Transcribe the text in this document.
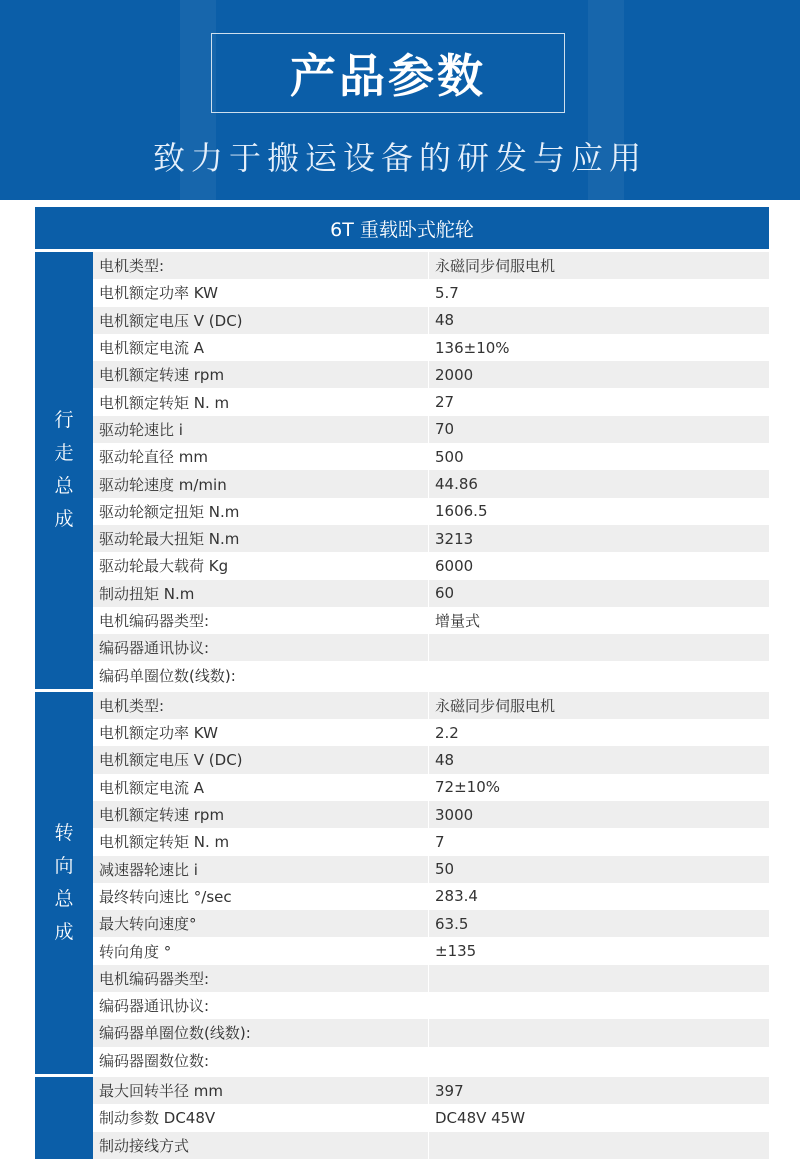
产品参数
致力于搬运设备的研发与应用
6T 重载卧式舵轮
行走总成
电机类型:	永磁同步伺服电机
电机额定功率 KW	5.7
电机额定电压 V (DC)	48
电机额定电流 A	136±10%
电机额定转速 rpm	2000
电机额定转矩 N. m	27
驱动轮速比 i	70
驱动轮直径 mm	500
驱动轮速度 m/min	44.86
驱动轮额定扭矩 N.m	1606.5
驱动轮最大扭矩 N.m	3213
驱动轮最大载荷 Kg	6000
制动扭矩 N.m	60
电机编码器类型:	增量式
编码器通讯协议:
编码单圈位数(线数):
转向总成
电机类型:	永磁同步伺服电机
电机额定功率 KW	2.2
电机额定电压 V (DC)	48
电机额定电流 A	72±10%
电机额定转速 rpm	3000
电机额定转矩 N. m	7
减速器轮速比 i	50
最终转向速比 °/sec	283.4
最大转向速度°	63.5
转向角度 °	±135
电机编码器类型:
编码器通讯协议:
编码器单圈位数(线数):
编码器圈数位数:
最大回转半径 mm	397
制动参数 DC48V	DC48V 45W
制动接线方式
